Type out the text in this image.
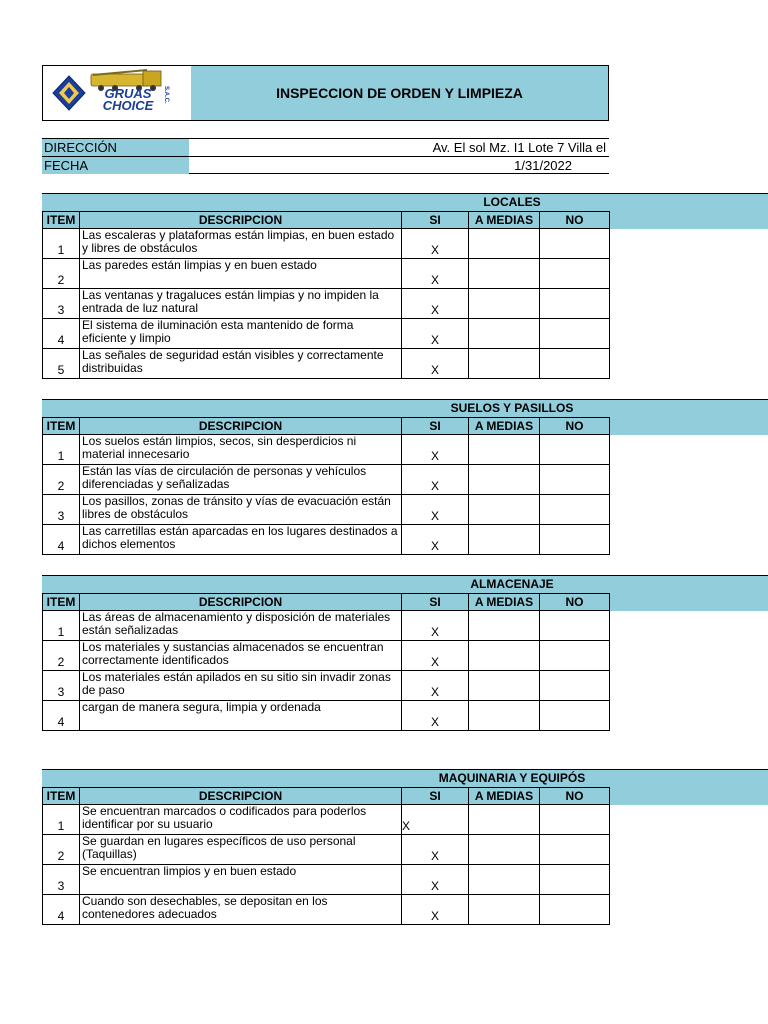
GRUAS
CHOICE
S.A.C.	INSPECCION DE ORDEN Y LIMPIEZA
DIRECCIÓN	Av. El sol Mz. I1 Lote 7 Villa el
FECHA	1/31/2022
LOCALES
ITEM	DESCRIPCION	SI	A MEDIAS	NO
1	Las escaleras y plataformas están limpias, en buen estado y libres de obstáculos	X		
2	Las paredes están limpias y en buen estado	X		
3	Las ventanas y tragaluces están limpias y no impiden la entrada de luz natural	X		
4	El sistema de iluminación esta mantenido de forma eficiente y limpio	X		
5	Las señales de seguridad están visibles y correctamente distribuidas	X		
SUELOS Y PASILLOS
ITEM	DESCRIPCION	SI	A MEDIAS	NO
1	Los suelos están limpios, secos, sin desperdicios ni material innecesario	X		
2	Están las vías de circulación de personas y vehículos diferenciadas y señalizadas	X		
3	Los pasillos, zonas de tránsito y vías de evacuación están libres de obstáculos	X		
4	Las carretillas están aparcadas en los lugares destinados a dichos elementos	X		
ALMACENAJE
ITEM	DESCRIPCION	SI	A MEDIAS	NO
1	Las áreas de almacenamiento y disposición de materiales están señalizadas	X		
2	Los materiales y sustancias almacenados se encuentran correctamente identificados	X		
3	Los materiales están apilados en su sitio sin invadir zonas de paso	X		
4	cargan de manera segura, limpia y ordenada	X		
MAQUINARIA Y EQUIPÓS
ITEM	DESCRIPCION	SI	A MEDIAS	NO
1	Se encuentran marcados o codificados para poderlos identificar por su usuario	X		
2	Se guardan en lugares específicos de uso personal (Taquillas)	X		
3	Se encuentran limpios y en buen estado	X		
4	Cuando son desechables, se depositan en los contenedores adecuados	X		
